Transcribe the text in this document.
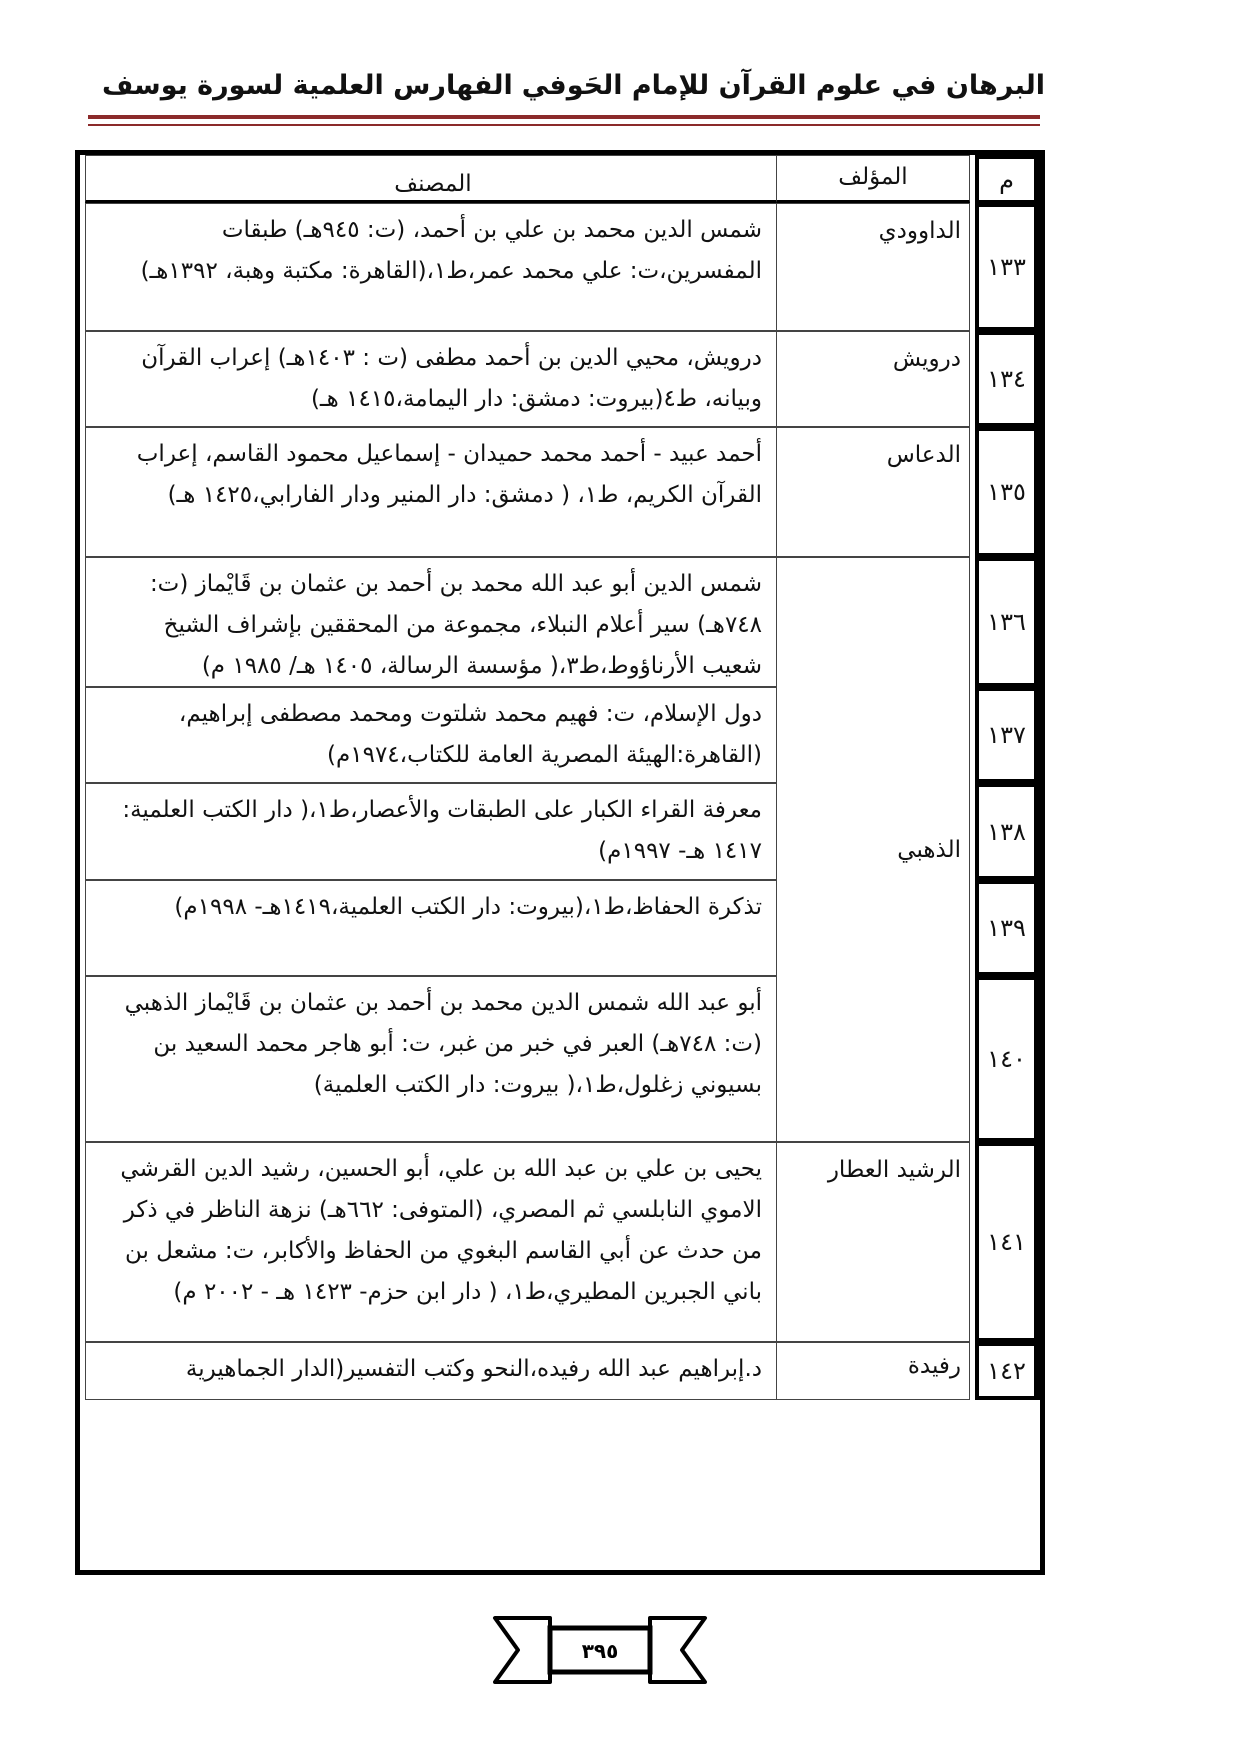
البرهان في علوم القرآن للإمام الحَوفي
الفهارس العلمية لسورة يوسف
م
المؤلف
المصنف
١٣٣
الداوودي
شمس الدين محمد بن علي بن أحمد، (ت: ٩٤٥هـ) طبقات المفسرين،ت: علي محمد عمر،ط١،(القاهرة: مكتبة وهبة، ١٣٩٢هـ)
١٣٤
درويش
درويش، محيي الدين بن أحمد مطفى (ت : ١٤٠٣هـ) إعراب القرآن وبيانه، ط٤(بيروت: دمشق: دار اليمامة،١٤١٥ هـ)
١٣٥
الدعاس
أحمد عبيد - أحمد محمد حميدان - إسماعيل محمود القاسم، إعراب القرآن الكريم، ط١، ( دمشق: دار المنير ودار الفارابي،١٤٢٥ هـ)
الذهبي
١٣٦
شمس الدين أبو عبد الله محمد بن أحمد بن عثمان بن قَايْماز (ت: ٧٤٨هـ) سير أعلام النبلاء، مجموعة من المحققين بإشراف الشيخ شعيب الأرناؤوط،ط٣،( مؤسسة الرسالة، ١٤٠٥ هـ/ ١٩٨٥ م)
١٣٧
دول الإسلام، ت: فهيم محمد شلتوت ومحمد مصطفى إبراهيم،(القاهرة:الهيئة المصرية العامة للكتاب،١٩٧٤م)
١٣٨
معرفة القراء الكبار على الطبقات والأعصار،ط١،( دار الكتب العلمية: ١٤١٧ هـ- ١٩٩٧م)
١٣٩
تذكرة الحفاظ،ط١،(بيروت: دار الكتب العلمية،١٤١٩هـ- ١٩٩٨م)
١٤٠
أبو عبد الله شمس الدين محمد بن أحمد بن عثمان بن قَايْماز الذهبي (ت: ٧٤٨هـ) العبر في خبر من غبر، ت: أبو هاجر محمد السعيد بن بسيوني زغلول،ط١،( بيروت: دار الكتب العلمية)
١٤١
الرشيد العطار
يحيى بن علي بن عبد الله بن علي، أبو الحسين، رشيد الدين القرشي الاموي النابلسي ثم المصري، (المتوفى: ٦٦٢هـ) نزهة الناظر في ذكر من حدث عن أبي القاسم البغوي من الحفاظ والأكابر، ت: مشعل بن باني الجبرين المطيري،ط١، ( دار ابن حزم- ١٤٢٣ هـ - ٢٠٠٢ م)
١٤٢
رفيدة
د.إبراهيم عبد الله رفيده،النحو وكتب التفسير(الدار الجماهيرية
٣٩٥
